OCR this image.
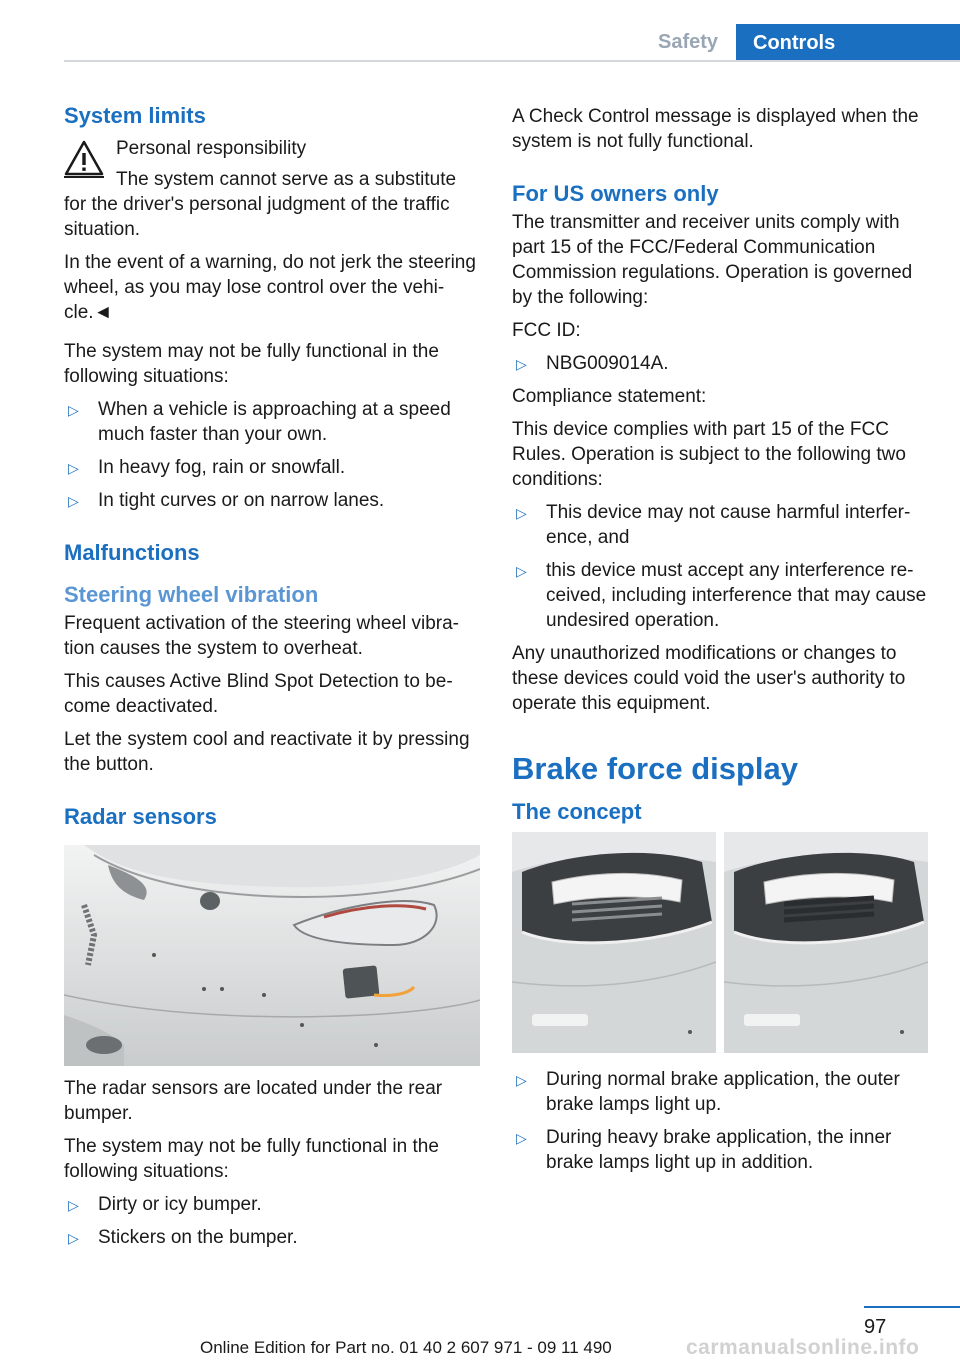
Safety	Controls
System limits

Personal responsibility

The system cannot serve as a substitute

for the driver's personal judgment of the traffic situation.

In the event of a warning, do not jerk the steering wheel, as you may lose control over the vehi-cle.◄

The system may not be fully functional in the following situations:

▷ When a vehicle is approaching at a speed much faster than your own.
▷ In heavy fog, rain or snowfall.
▷ In tight curves or on narrow lanes.
Malfunctions
Steering wheel vibration

Frequent activation of the steering wheel vibra-tion causes the system to overheat.

This causes Active Blind Spot Detection to be-come deactivated.

Let the system cool and reactivate it by pressing the button.

Radar sensors

The radar sensors are located under the rear bumper.

The system may not be fully functional in the following situations:

▷ Dirty or icy bumper.
▷ Stickers on the bumper.

A Check Control message is displayed when the system is not fully functional.

For US owners only

The transmitter and receiver units comply with part 15 of the FCC/Federal Communication Commission regulations. Operation is governed by the following:

FCC ID:

▷ NBG009014A.

Compliance statement:

This device complies with part 15 of the FCC Rules. Operation is subject to the following two conditions:

▷ This device may not cause harmful interfer-ence, and
▷ this device must accept any interference re-ceived, including interference that may cause undesired operation.

Any unauthorized modifications or changes to these devices could void the user's authority to operate this equipment.

Brake force display
The concept
▷ During normal brake application, the outer brake lamps light up.
▷ During heavy brake application, the inner brake lamps light up in addition.
97
Online Edition for Part no. 01 40 2 607 971 - 09 11 490	carmanualsonline.info
